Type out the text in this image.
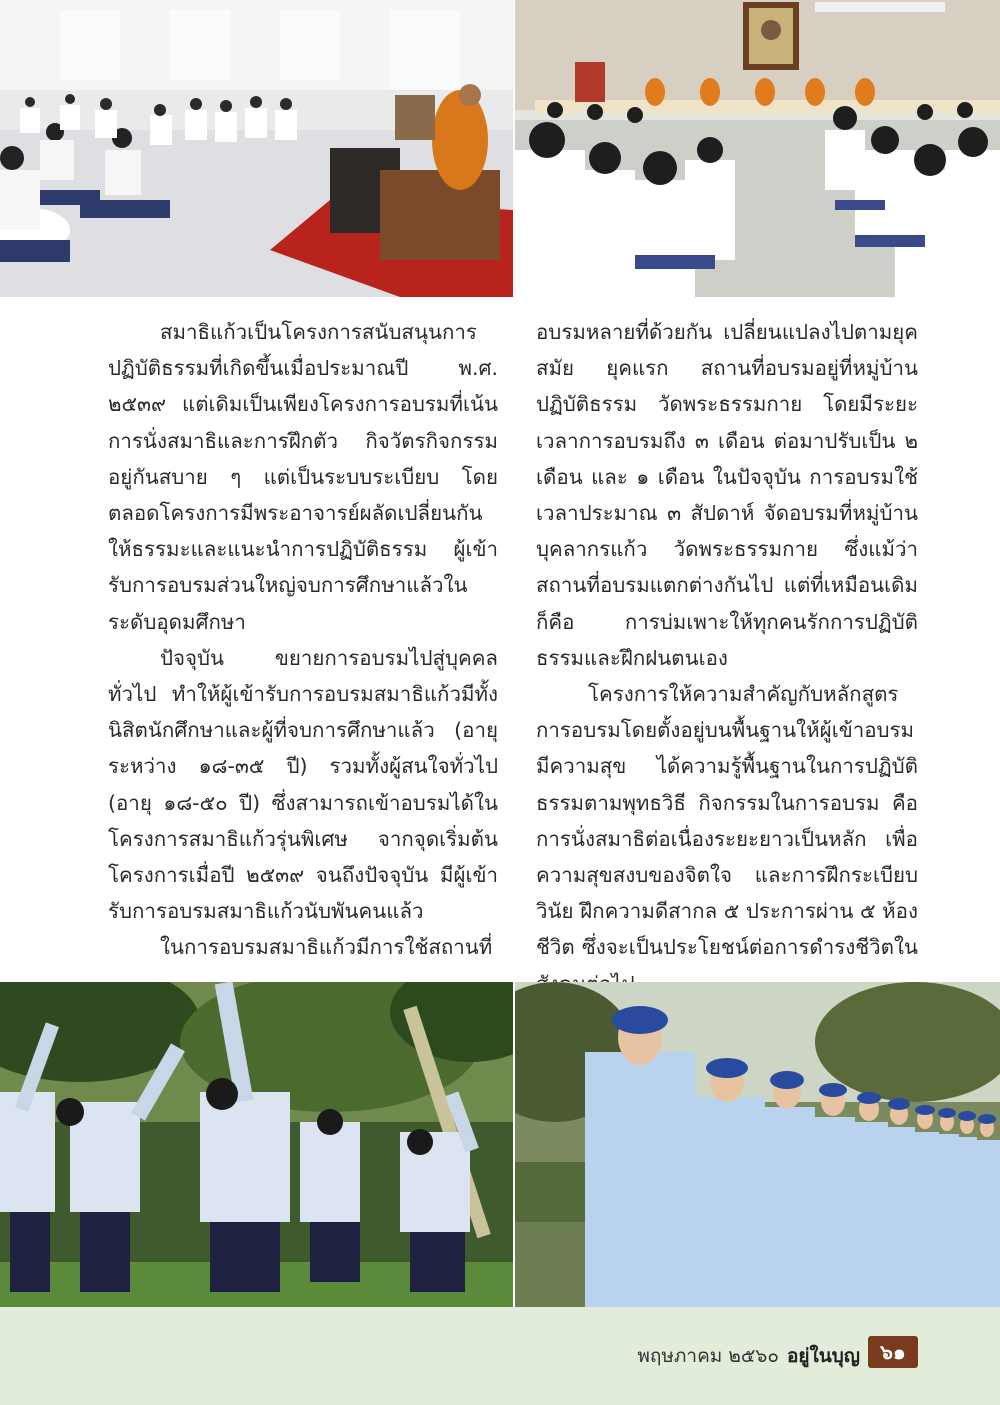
สมาธิแก้วเป็นโครงการสนับสนุนการปฏิบัติธรรมที่เกิดขึ้นเมื่อประมาณปี พ.ศ. ๒๕๓๙ แต่เดิมเป็นเพียงโครงการอบรมที่เน้นการนั่งสมาธิและการฝึกตัว กิจวัตรกิจกรรมอยู่กันสบาย ๆ แต่เป็นระบบระเบียบ โดยตลอดโครงการมีพระอาจารย์ผลัดเปลี่ยนกันให้ธรรมะและแนะนำการปฏิบัติธรรม ผู้เข้ารับการอบรมส่วนใหญ่จบการศึกษาแล้วในระดับอุดมศึกษา

ปัจจุบัน ขยายการอบรมไปสู่บุคคลทั่วไป ทำให้ผู้เข้ารับการอบรมสมาธิแก้วมีทั้งนิสิตนักศึกษาและผู้ที่จบการศึกษาแล้ว (อายุระหว่าง ๑๘-๓๕ ปี) รวมทั้งผู้สนใจทั่วไป (อายุ ๑๘-๕๐ ปี) ซึ่งสามารถเข้าอบรมได้ในโครงการสมาธิแก้วรุ่นพิเศษ จากจุดเริ่มต้นโครงการเมื่อปี ๒๕๓๙ จนถึงปัจจุบัน มีผู้เข้ารับการอบรมสมาธิแก้วนับพันคนแล้ว

ในการอบรมสมาธิแก้วมีการใช้สถานที่

อบรมหลายที่ด้วยกัน เปลี่ยนแปลงไปตามยุคสมัย ยุคแรก สถานที่อบรมอยู่ที่หมู่บ้านปฏิบัติธรรม วัดพระธรรมกาย โดยมีระยะเวลาการอบรมถึง ๓ เดือน ต่อมาปรับเป็น ๒ เดือน และ ๑ เดือน ในปัจจุบัน การอบรมใช้เวลาประมาณ ๓ สัปดาห์ จัดอบรมที่หมู่บ้านบุคลากรแก้ว วัดพระธรรมกาย ซึ่งแม้ว่าสถานที่อบรมแตกต่างกันไป แต่ที่เหมือนเดิมก็คือ การบ่มเพาะให้ทุกคนรักการปฏิบัติธรรมและฝึกฝนตนเอง

โครงการให้ความสำคัญกับหลักสูตรการอบรมโดยตั้งอยู่บนพื้นฐานให้ผู้เข้าอบรมมีความสุข ได้ความรู้พื้นฐานในการปฏิบัติธรรมตามพุทธวิธี กิจกรรมในการอบรม คือ การนั่งสมาธิต่อเนื่องระยะยาวเป็นหลัก เพื่อความสุขสงบของจิตใจ และการฝึกระเบียบวินัย ฝึกความดีสากล ๕ ประการผ่าน ๕ ห้องชีวิต ซึ่งจะเป็นประโยชน์ต่อการดำรงชีวิตใน

พฤษภาคม ๒๕๖๐ อยู่ในบุญ	๖๑
